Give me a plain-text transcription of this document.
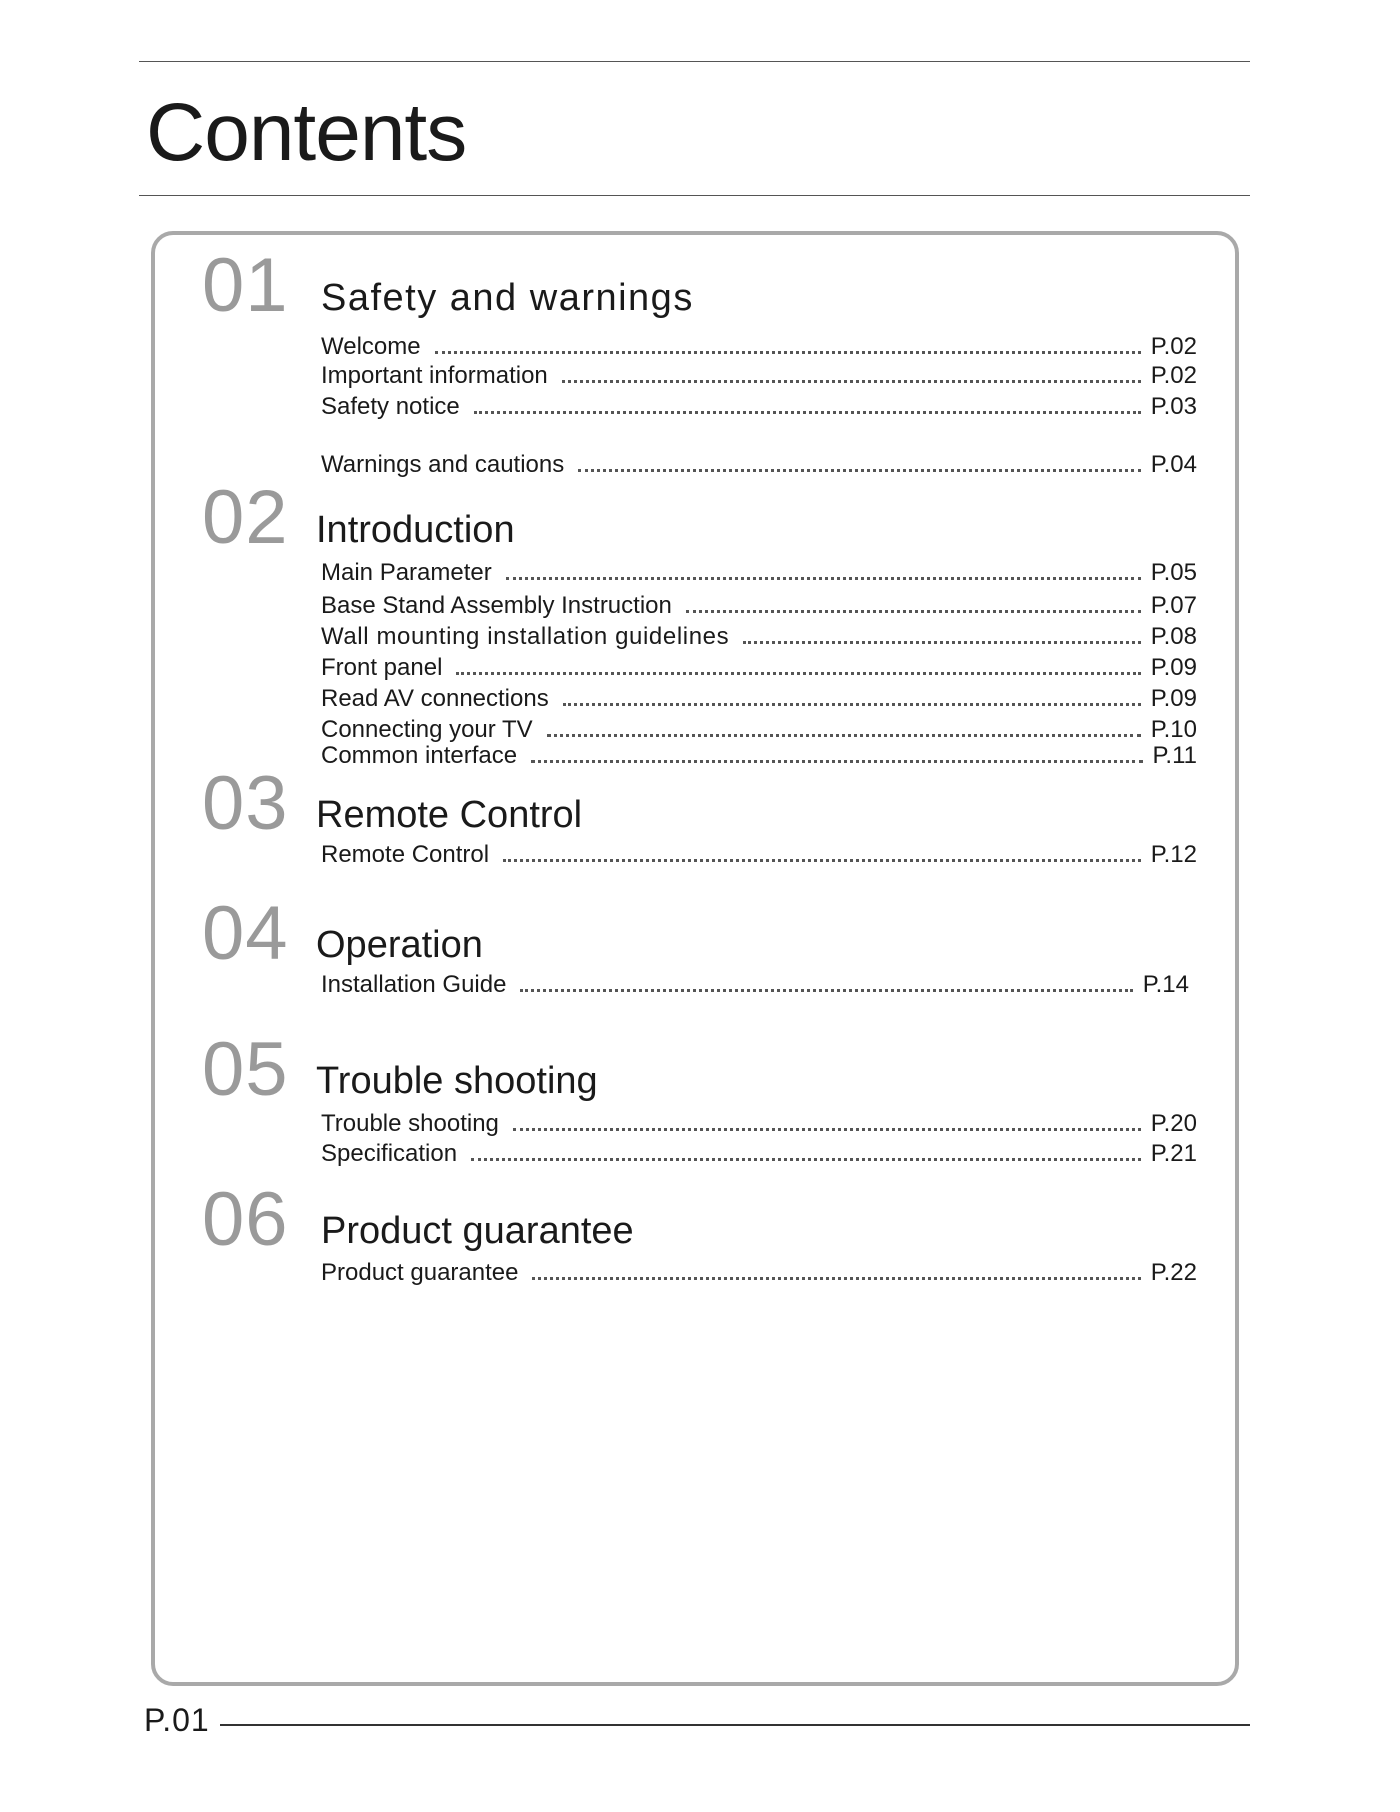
Contents
01 Safety and warnings
Welcome	P.02
Important information	P.02
Safety notice	P.03
Warnings and cautions	P.04
02 Introduction
Main Parameter	P.05
Base Stand Assembly Instruction	P.07
Wall mounting installation guidelines	P.08
Front panel	P.09
Read AV connections	P.09
Connecting your TV	P.10
Common interface	P.11
03 Remote Control
Remote Control	P.12
04 Operation
Installation Guide	P.14
05 Trouble shooting
Trouble shooting	P.20
Specification	P.21
06 Product guarantee
Product guarantee	P.22
P.01
